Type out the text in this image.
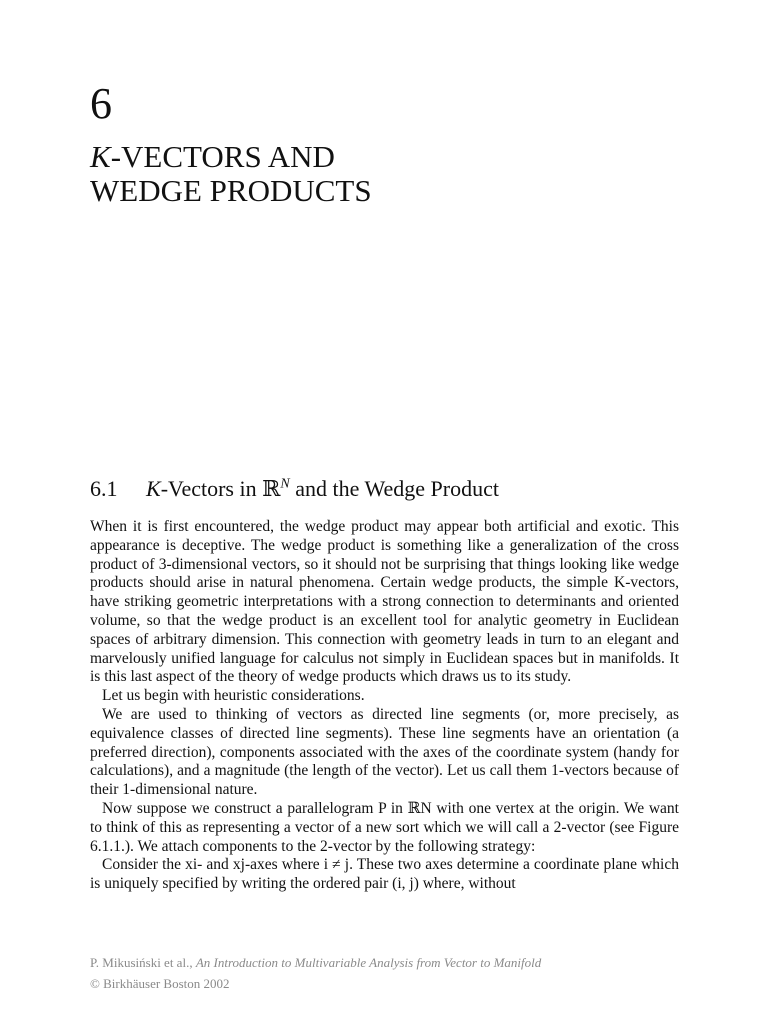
6
K-VECTORS AND
WEDGE PRODUCTS
6.1 K-Vectors in ℝ$^N$ and the Wedge Product

When it is first encountered, the wedge product may appear both artificial and exotic. This appearance is deceptive. The wedge product is something like a generalization of the cross product of 3-dimensional vectors, so it should not be surprising that things looking like wedge products should arise in natural phenomena. Certain wedge products, the simple K-vectors, have striking geometric interpretations with a strong connection to determinants and oriented volume, so that the wedge product is an excellent tool for analytic geometry in Euclidean spaces of arbitrary dimension. This connection with geometry leads in turn to an elegant and marvelously unified language for calculus not simply in Euclidean spaces but in manifolds. It is this last aspect of the theory of wedge products which draws us to its study.

Let us begin with heuristic considerations.

We are used to thinking of vectors as directed line segments (or, more precisely, as equivalence classes of directed line segments). These line segments have an orientation (a preferred direction), components associated with the axes of the coordinate system (handy for calculations), and a magnitude (the length of the vector). Let us call them 1-vectors because of their 1-dimensional nature.

Now suppose we construct a parallelogram P in ℝN with one vertex at the origin. We want to think of this as representing a vector of a new sort which we will call a 2-vector (see Figure 6.1.1.). We attach components to the 2-vector by the following strategy:

Consider the xi- and xj-axes where i ≠ j. These two axes determine a coordinate plane which is uniquely specified by writing the ordered pair (i, j) where, without

P. Mikusiński et al., An Introduction to Multivariable Analysis from Vector to Manifold
© Birkhäuser Boston 2002
